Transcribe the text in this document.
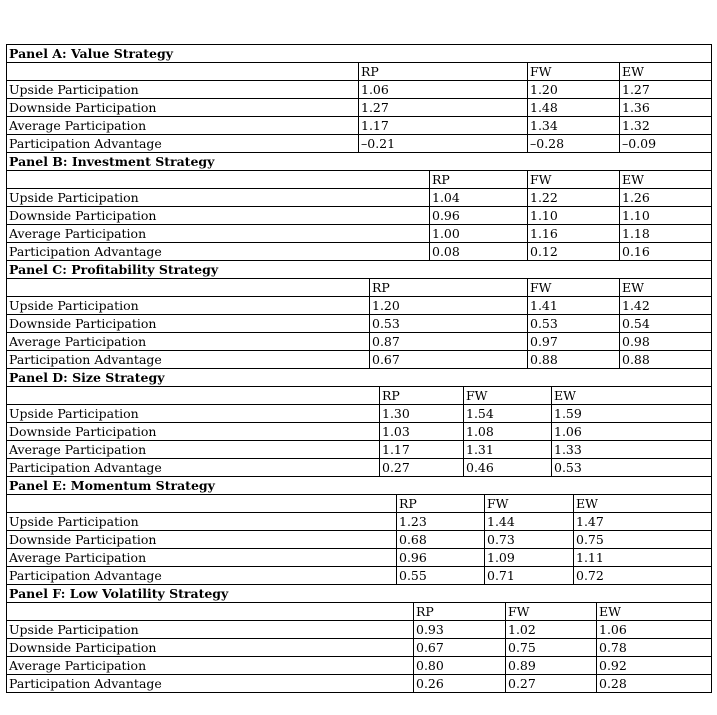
Panel A: Value Strategy
RP	FW	EW
Upside Participation	1.06	1.20	1.27
Downside Participation	1.27	1.48	1.36
Average Participation	1.17	1.34	1.32
Participation Advantage	–0.21	–0.28	–0.09
Panel B: Investment Strategy
RP	FW	EW
Upside Participation	1.04	1.22	1.26
Downside Participation	0.96	1.10	1.10
Average Participation	1.00	1.16	1.18
Participation Advantage	0.08	0.12	0.16
Panel C: Profitability Strategy
RP	FW	EW
Upside Participation	1.20	1.41	1.42
Downside Participation	0.53	0.53	0.54
Average Participation	0.87	0.97	0.98
Participation Advantage	0.67	0.88	0.88
Panel D: Size Strategy
RP	FW	EW
Upside Participation	1.30	1.54	1.59
Downside Participation	1.03	1.08	1.06
Average Participation	1.17	1.31	1.33
Participation Advantage	0.27	0.46	0.53
Panel E: Momentum Strategy
RP	FW	EW
Upside Participation	1.23	1.44	1.47
Downside Participation	0.68	0.73	0.75
Average Participation	0.96	1.09	1.11
Participation Advantage	0.55	0.71	0.72
Panel F: Low Volatility Strategy
RP	FW	EW
Upside Participation	0.93	1.02	1.06
Downside Participation	0.67	0.75	0.78
Average Participation	0.80	0.89	0.92
Participation Advantage	0.26	0.27	0.28
